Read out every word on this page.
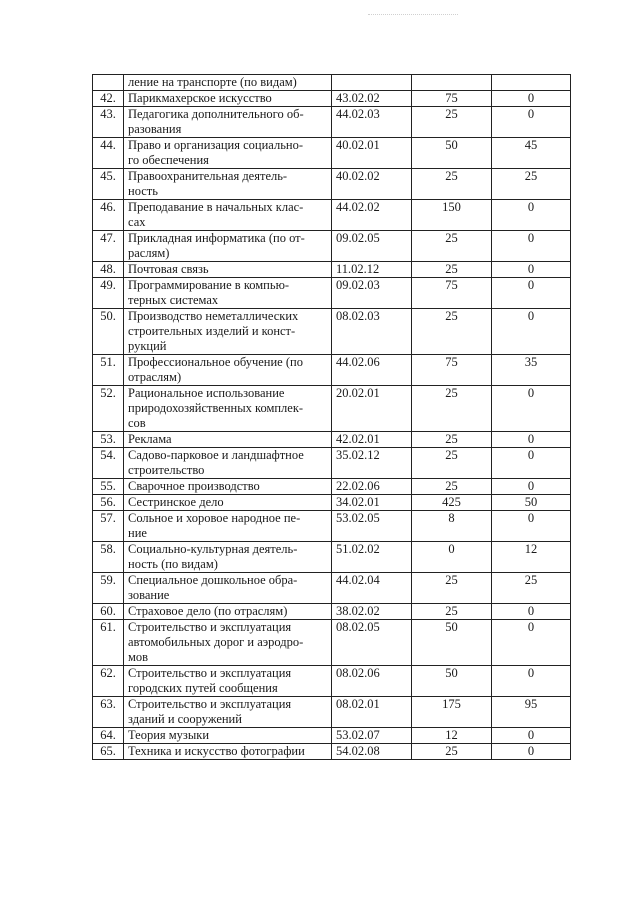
	ление на транспорте (по видам)			

42.	Парикмахерское искусство	43.02.02	75	0

43.	Педагогика дополнительного об-
разования	44.02.03	25	0

44.	Право и организация социально-
го обеспечения	40.02.01	50	45

45.	Правоохранительная деятель-
ность	40.02.02	25	25

46.	Преподавание в начальных клас-
сах	44.02.02	150	0

47.	Прикладная информатика (по от-
раслям)	09.02.05	25	0

48.	Почтовая связь	11.02.12	25	0

49.	Программирование в компью-
терных системах	09.02.03	75	0

50.	Производство неметаллических
строительных изделий и конст-
рукций	08.02.03	25	0

51.	Профессиональное обучение (по
отраслям)	44.02.06	75	35

52.	Рациональное использование
природохозяйственных комплек-
сов	20.02.01	25	0

53.	Реклама	42.02.01	25	0

54.	Садово-парковое и ландшафтное
строительство	35.02.12	25	0

55.	Сварочное производство	22.02.06	25	0

56.	Сестринское дело	34.02.01	425	50

57.	Сольное и хоровое народное пе-
ние	53.02.05	8	0

58.	Социально-культурная деятель-
ность (по видам)	51.02.02	0	12

59.	Специальное дошкольное обра-
зование	44.02.04	25	25

60.	Страховое дело (по отраслям)	38.02.02	25	0

61.	Строительство и эксплуатация
автомобильных дорог и аэродро-
мов	08.02.05	50	0

62.	Строительство и эксплуатация
городских путей сообщения	08.02.06	50	0

63.	Строительство и эксплуатация
зданий и сооружений	08.02.01	175	95

64.	Теория музыки	53.02.07	12	0

65.	Техника и искусство фотографии	54.02.08	25	0
